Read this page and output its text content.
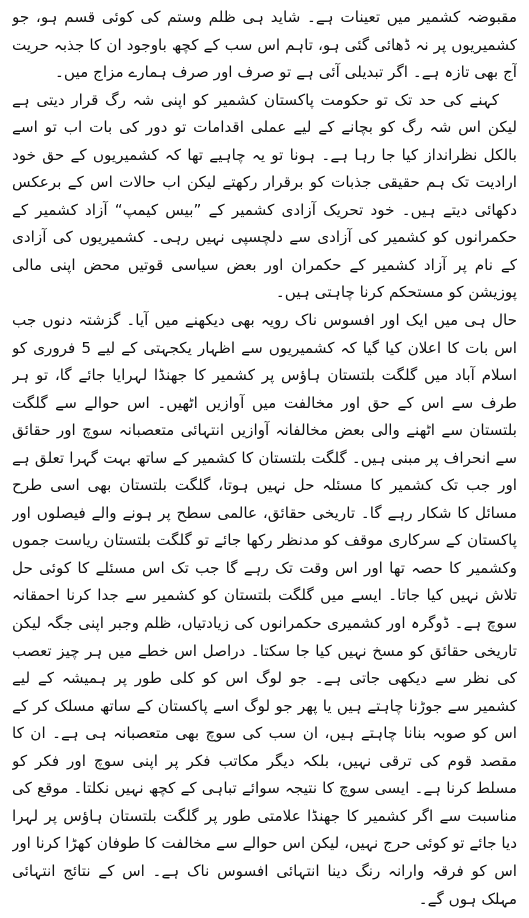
مقبوضہ کشمیر میں تعینات ہے۔ شاید ہی ظلم وستم کی کوئی قسم ہو، جو کشمیریوں پر نہ ڈھائی گئی ہو، تاہم اس سب کے کچھ باوجود ان کا جذبہ حریت آج بھی تازہ ہے۔ اگر تبدیلی آئی ہے تو صرف اور صرف ہمارے مزاج میں۔

کہنے کی حد تک تو حکومت پاکستان کشمیر کو اپنی شہ رگ قرار دیتی ہے لیکن اس شہ رگ کو بچانے کے لیے عملی اقدامات تو دور کی بات اب تو اسے بالکل نظرانداز کیا جا رہا ہے۔ ہونا تو یہ چاہیے تھا کہ کشمیریوں کے حق خود ارادیت تک ہم حقیقی جذبات کو برقرار رکھتے لیکن اب حالات اس کے برعکس دکھائی دیتے ہیں۔ خود تحریک آزادی کشمیر کے ”بیس کیمپ“ آزاد کشمیر کے حکمرانوں کو کشمیر کی آزادی سے دلچسپی نہیں رہی۔ کشمیریوں کی آزادی کے نام پر آزاد کشمیر کے حکمران اور بعض سیاسی قوتیں محض اپنی مالی پوزیشن کو مستحکم کرنا چاہتی ہیں۔

حال ہی میں ایک اور افسوس ناک رویہ بھی دیکھنے میں آیا۔ گزشتہ دنوں جب اس بات کا اعلان کیا گیا کہ کشمیریوں سے اظہار یکجہتی کے لیے 5 فروری کو اسلام آباد میں گلگت بلتستان ہاؤس پر کشمیر کا جھنڈا لہرایا جائے گا، تو ہر طرف سے اس کے حق اور مخالفت میں آوازیں اٹھیں۔ اس حوالے سے گلگت بلتستان سے اٹھنے والی بعض مخالفانہ آوازیں انتہائی متعصبانہ سوچ اور حقائق سے انحراف پر مبنی ہیں۔ گلگت بلتستان کا کشمیر کے ساتھ بہت گہرا تعلق ہے اور جب تک کشمیر کا مسئلہ حل نہیں ہوتا، گلگت بلتستان بھی اسی طرح مسائل کا شکار رہے گا۔ تاریخی حقائق، عالمی سطح پر ہونے والے فیصلوں اور پاکستان کے سرکاری موقف کو مدنظر رکھا جائے تو گلگت بلتستان ریاست جموں وکشمیر کا حصہ تھا اور اس وقت تک رہے گا جب تک اس مسئلے کا کوئی حل تلاش نہیں کیا جاتا۔ ایسے میں گلگت بلتستان کو کشمیر سے جدا کرنا احمقانہ سوچ ہے۔ ڈوگرہ اور کشمیری حکمرانوں کی زیادتیاں، ظلم وجبر اپنی جگہ لیکن تاریخی حقائق کو مسخ نہیں کیا جا سکتا۔ دراصل اس خطے میں ہر چیز تعصب کی نظر سے دیکھی جاتی ہے۔ جو لوگ اس کو کلی طور پر ہمیشہ کے لیے کشمیر سے جوڑنا چاہتے ہیں یا پھر جو لوگ اسے پاکستان کے ساتھ مسلک کر کے اس کو صوبہ بنانا چاہتے ہیں، ان سب کی سوچ بھی متعصبانہ ہی ہے۔ ان کا مقصد قوم کی ترقی نہیں، بلکہ دیگر مکاتب فکر پر اپنی سوچ اور فکر کو مسلط کرنا ہے۔ ایسی سوچ کا نتیجہ سوائے تباہی کے کچھ نہیں نکلتا۔ موقع کی مناسبت سے اگر کشمیر کا جھنڈا علامتی طور پر گلگت بلتستان ہاؤس پر لہرا دیا جائے تو کوئی حرج نہیں، لیکن اس حوالے سے مخالفت کا طوفان کھڑا کرنا اور اس کو فرقہ وارانہ رنگ دینا انتہائی افسوس ناک ہے۔ اس کے نتائج انتہائی مہلک ہوں گے۔
